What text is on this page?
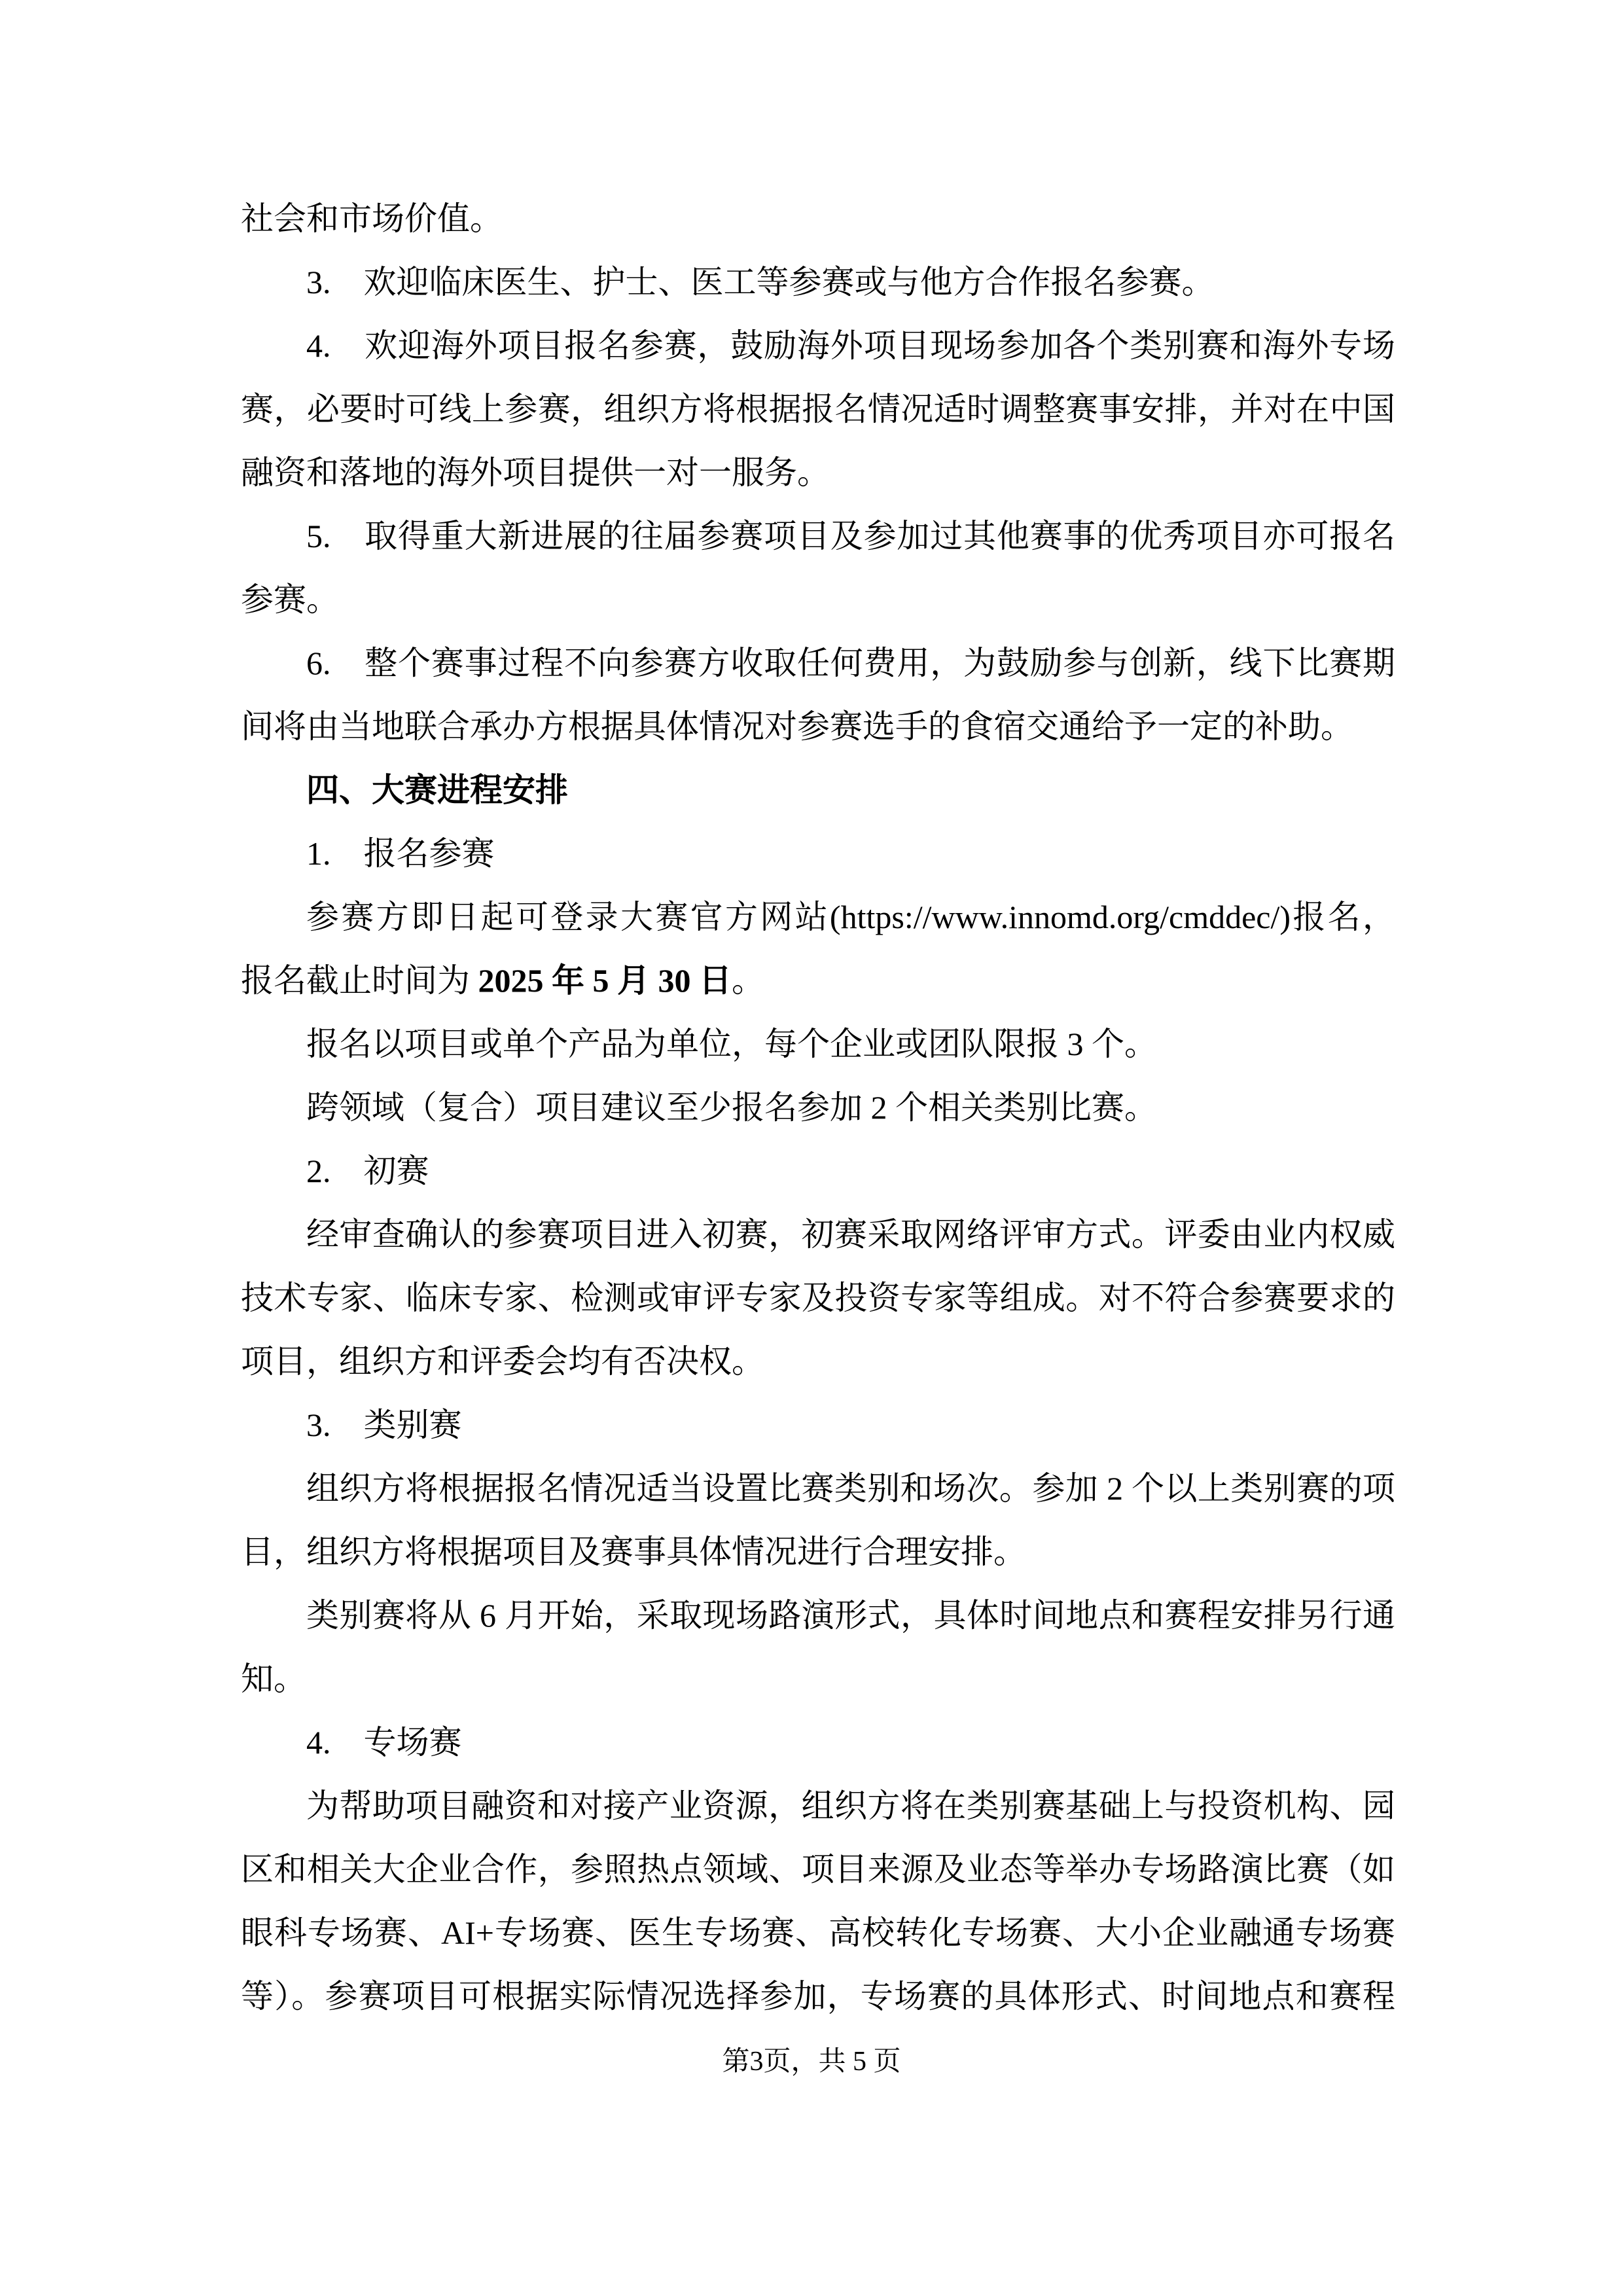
社会和市场价值。

3.　欢迎临床医生、护士、医工等参赛或与他方合作报名参赛。

4.　欢迎海外项目报名参赛，鼓励海外项目现场参加各个类别赛和海外专场

赛，必要时可线上参赛，组织方将根据报名情况适时调整赛事安排，并对在中国

融资和落地的海外项目提供一对一服务。

5.　取得重大新进展的往届参赛项目及参加过其他赛事的优秀项目亦可报名

参赛。

6.　整个赛事过程不向参赛方收取任何费用，为鼓励参与创新，线下比赛期

间将由当地联合承办方根据具体情况对参赛选手的食宿交通给予一定的补助。

四、大赛进程安排

1.　报名参赛

参赛方即日起可登录大赛官方网站(https://www.innomd.org/cmddec/)报名，

报名截止时间为 2025 年 5 月 30 日。

报名以项目或单个产品为单位，每个企业或团队限报 3 个。

跨领域（复合）项目建议至少报名参加 2 个相关类别比赛。

2.　初赛

经审查确认的参赛项目进入初赛，初赛采取网络评审方式。评委由业内权威

技术专家、临床专家、检测或审评专家及投资专家等组成。对不符合参赛要求的

项目，组织方和评委会均有否决权。

3.　类别赛

组织方将根据报名情况适当设置比赛类别和场次。参加 2 个以上类别赛的项

目，组织方将根据项目及赛事具体情况进行合理安排。

类别赛将从 6 月开始，采取现场路演形式，具体时间地点和赛程安排另行通

知。

4.　专场赛

为帮助项目融资和对接产业资源，组织方将在类别赛基础上与投资机构、园

区和相关大企业合作，参照热点领域、项目来源及业态等举办专场路演比赛（如

眼科专场赛、AI+专场赛、医生专场赛、高校转化专场赛、大小企业融通专场赛

等）。参赛项目可根据实际情况选择参加，专场赛的具体形式、时间地点和赛程

第3页，共 5 页
